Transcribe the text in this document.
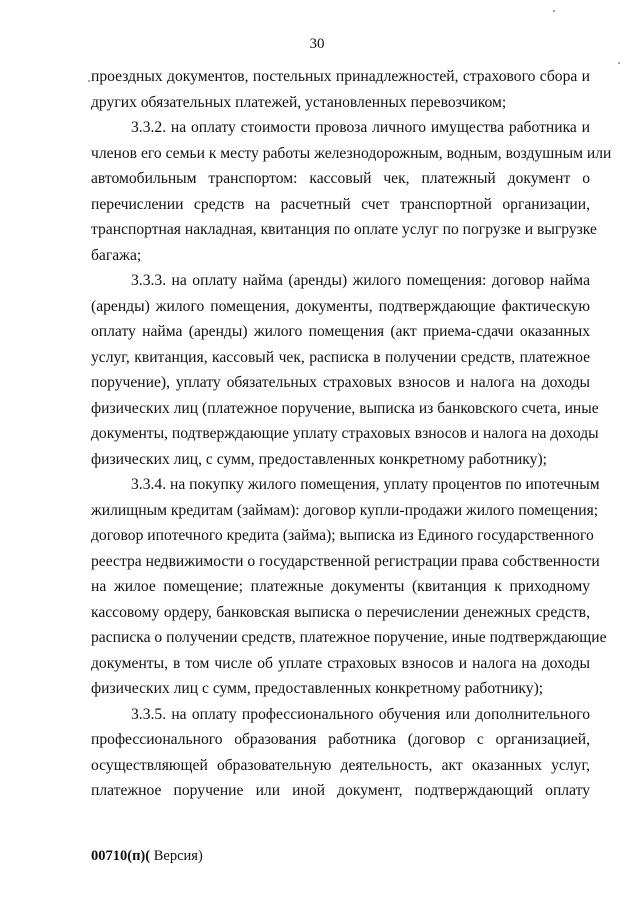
30
проездных документов, постельных принадлежностей, страхового сбора и
других обязательных платежей, установленных перевозчиком;
3.3.2. на оплату стоимости провоза личного имущества работника и
членов его семьи к месту работы железнодорожным, водным, воздушным или
автомобильным транспортом: кассовый чек, платежный документ о
перечислении средств на расчетный счет транспортной организации,
транспортная накладная, квитанция по оплате услуг по погрузке и выгрузке
багажа;
3.3.3. на оплату найма (аренды) жилого помещения: договор найма
(аренды) жилого помещения, документы, подтверждающие фактическую
оплату найма (аренды) жилого помещения (акт приема-сдачи оказанных
услуг, квитанция, кассовый чек, расписка в получении средств, платежное
поручение), уплату обязательных страховых взносов и налога на доходы
физических лиц (платежное поручение, выписка из банковского счета, иные
документы, подтверждающие уплату страховых взносов и налога на доходы
физических лиц, с сумм, предоставленных конкретному работнику);
3.3.4. на покупку жилого помещения, уплату процентов по ипотечным
жилищным кредитам (займам): договор купли-продажи жилого помещения;
договор ипотечного кредита (займа); выписка из Единого государственного
реестра недвижимости о государственной регистрации права собственности
на жилое помещение; платежные документы (квитанция к приходному
кассовому ордеру, банковская выписка о перечислении денежных средств,
расписка о получении средств, платежное поручение, иные подтверждающие
документы, в том числе об уплате страховых взносов и налога на доходы
физических лиц с сумм, предоставленных конкретному работнику);
3.3.5. на оплату профессионального обучения или дополнительного
профессионального образования работника (договор с организацией,
осуществляющей образовательную деятельность, акт оказанных услуг,
платежное поручение или иной документ, подтверждающий оплату
00710(п)( Версия)
